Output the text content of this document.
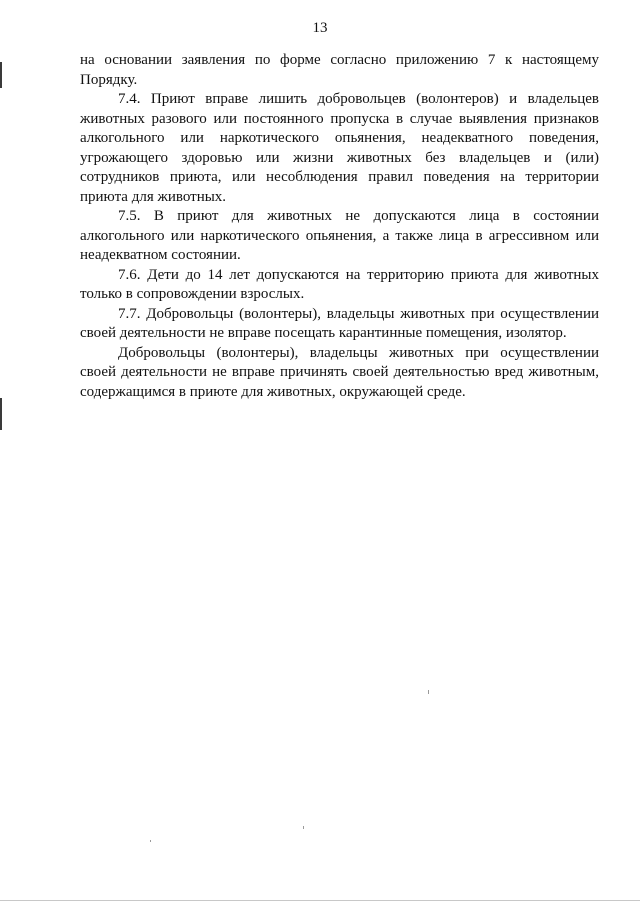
13

на основании заявления по форме согласно приложению 7 к настоящему Порядку.

7.4. Приют вправе лишить добровольцев (волонтеров) и владельцев животных разового или постоянного пропуска в случае выявления признаков алкогольного или наркотического опьянения, неадекватного поведения, угрожающего здоровью или жизни животных без владельцев и (или) сотрудников приюта, или несоблюдения правил поведения на территории приюта для животных.

7.5. В приют для животных не допускаются лица в состоянии алкогольного или наркотического опьянения, а также лица в агрессивном или неадекватном состоянии.

7.6. Дети до 14 лет допускаются на территорию приюта для животных только в сопровождении взрослых.

7.7. Добровольцы (волонтеры), владельцы животных при осуществлении своей деятельности не вправе посещать карантинные помещения, изолятор.

Добровольцы (волонтеры), владельцы животных при осуществлении своей деятельности не вправе причинять своей деятельностью вред животным, содержащимся в приюте для животных, окружающей среде.
